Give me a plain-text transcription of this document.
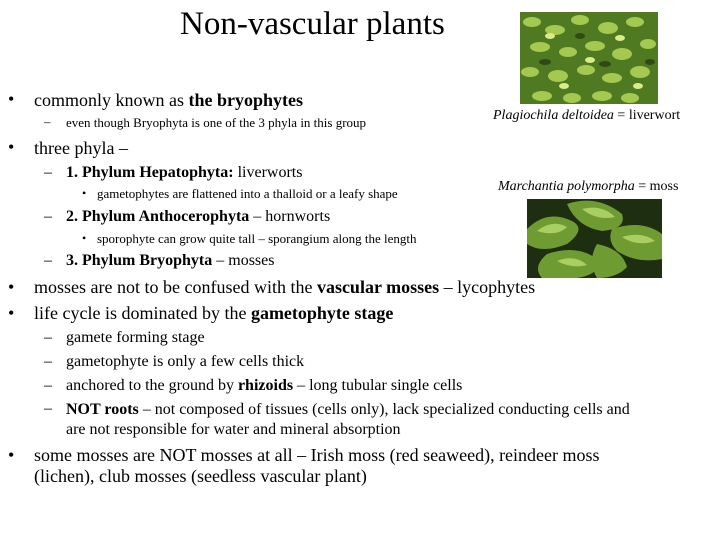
Non-vascular plants
Plagiochila deltoidea = liverwort
Marchantia polymorpha = moss
• commonly known as the bryophytes
– even though Bryophyta is one of the 3 phyla in this group
• three phyla –
– 1. Phylum Hepatophyta: liverworts
• gametophytes are flattened into a thalloid or a leafy shape
– 2. Phylum Anthocerophyta – hornworts
• sporophyte can grow quite tall – sporangium along the length
– 3. Phylum Bryophyta – mosses
• mosses are not to be confused with the vascular mosses – lycophytes
• life cycle is dominated by the gametophyte stage
– gamete forming stage
– gametophyte is only a few cells thick
– anchored to the ground by rhizoids – long tubular single cells
– NOT roots – not composed of tissues (cells only), lack specialized conducting cells and are not responsible for water and mineral absorption
• some mosses are NOT mosses at all – Irish moss (red seaweed), reindeer moss (lichen), club mosses (seedless vascular plant)
